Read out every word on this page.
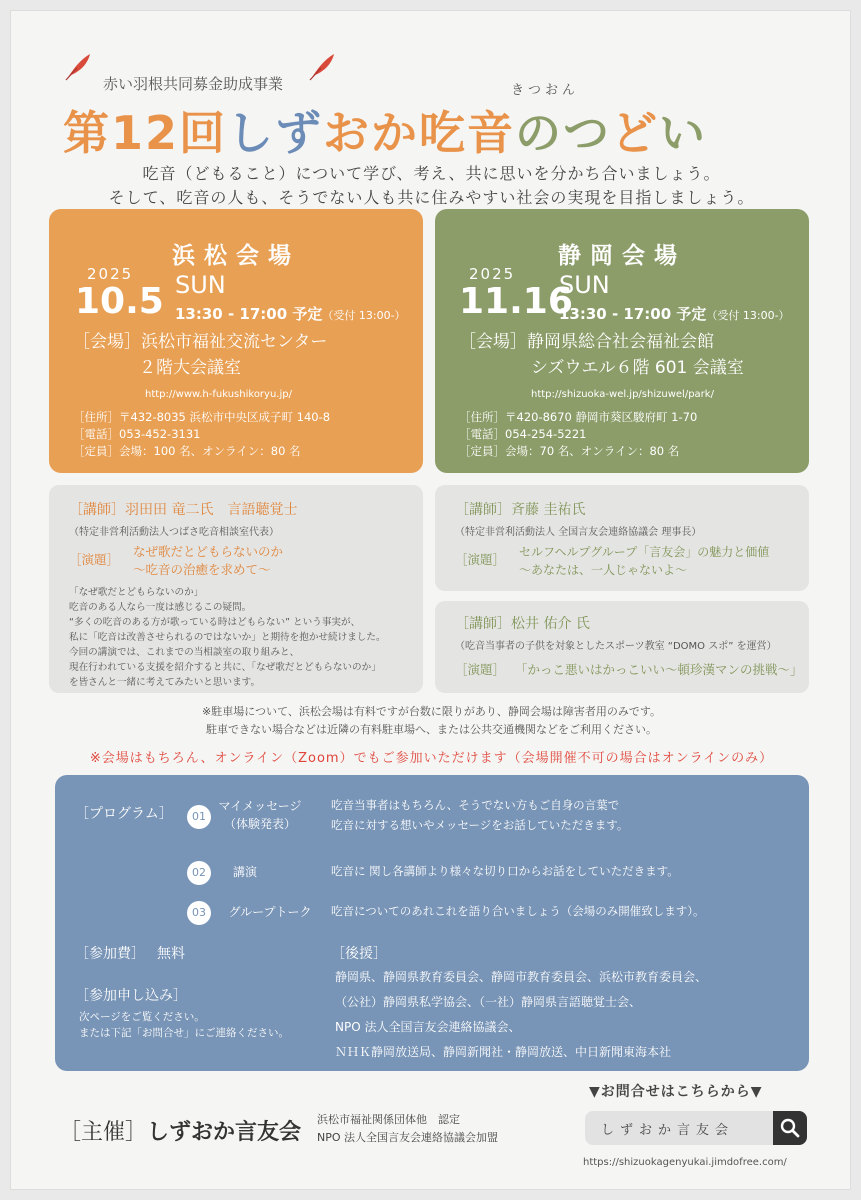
赤い羽根共同募金助成事業	きつおん
第12回しずおか吃音のつどい
吃音（どもること）について学び、考え、共に思いを分かち合いましょう。
そして、吃音の人も、そうでない人も共に住みやすい社会の実現を目指しましょう。
浜松会場
2025
10.5 SUN
13:30 - 17:00 予定（受付 13:00-）
［会場］浜松市福祉交流センター
２階大会議室
http://www.h-fukushikoryu.jp/
［住所］〒432-8035 浜松市中央区成子町 140-8
［電話］053-452-3131
［定員］会場：100 名、オンライン：80 名
静岡会場
2025
11.16
SUN
13:30 - 17:00 予定（受付 13:00-）
［会場］静岡県総合社会福祉会館
シズウエル６階 601 会議室
http://shizuoka-wel.jp/shizuwel/park/
［住所］〒420-8670 静岡市葵区駿府町 1-70
［電話］054-254-5221
［定員］会場：70 名、オンライン：80 名
［講師］羽田田 竜二氏　言語聴覚士
（特定非営利活動法人つばさ吃音相談室代表）
［演題］
なぜ歌だとどもらないのか
〜吃音の治癒を求めて〜
「なぜ歌だとどもらないのか」
吃音のある人なら一度は感じるこの疑問。
“多くの吃音のある方が歌っている時はどもらない” という事実が、
私に「吃音は改善させられるのではないか」と期待を抱かせ続けました。
今回の講演では、これまでの当相談室の取り組みと、
現在行われている支援を紹介すると共に、「なぜ歌だとどもらないのか」
を皆さんと一緒に考えてみたいと思います。
［講師］斉藤 圭祐氏
（特定非営利活動法人 全国言友会連絡協議会 理事長）
［演題］ セルフヘルプグループ「言友会」の魅力と価値
〜あなたは、一人じゃないよ〜
［講師］松井 佑介 氏
（吃音当事者の子供を対象としたスポーツ教室 “DOMO スポ” を運営）
［演題］ 「かっこ悪いはかっこいい〜頓珍漢マンの挑戦〜」
※駐車場について、浜松会場は有料ですが台数に限りがあり、静岡会場は障害者用のみです。
駐車できない場合などは近隣の有料駐車場へ、または公共交通機関などをご利用ください。
※会場はもちろん、オンライン（Zoom）でもご参加いただけます（会場開催不可の場合はオンラインのみ）
［プログラム］	01
マイメッセージ
（体験発表）
吃音当事者はもちろん、そうでない方もご自身の言葉で
吃音に対する想いやメッセージをお話していただきます。
02	講演	吃音に 関し各講師より様々な切り口からお話をしていただきます。
03	グループトーク	吃音についてのあれこれを語り合いましょう（会場のみ開催致します）。
［参加費］ 無料
［参加申し込み］
次ページをご覧ください。
または下記「お問合せ」にご連絡ください。
［後援］
静岡県、静岡県教育委員会、静岡市教育委員会、浜松市教育委員会、
（公社）静岡県私学協会、（一社）静岡県言語聴覚士会、
NPO 法人全国言友会連絡協議会、
ＮＨＫ静岡放送局、静岡新聞社・静岡放送、中日新聞東海本社
［主催］しずおか言友会
浜松市福祉関係団体他　認定
NPO 法人全国言友会連絡協議会加盟
▼お問合せはこちらから▼
しずおか言友会
https://shizuokagenyukai.jimdofree.com/
